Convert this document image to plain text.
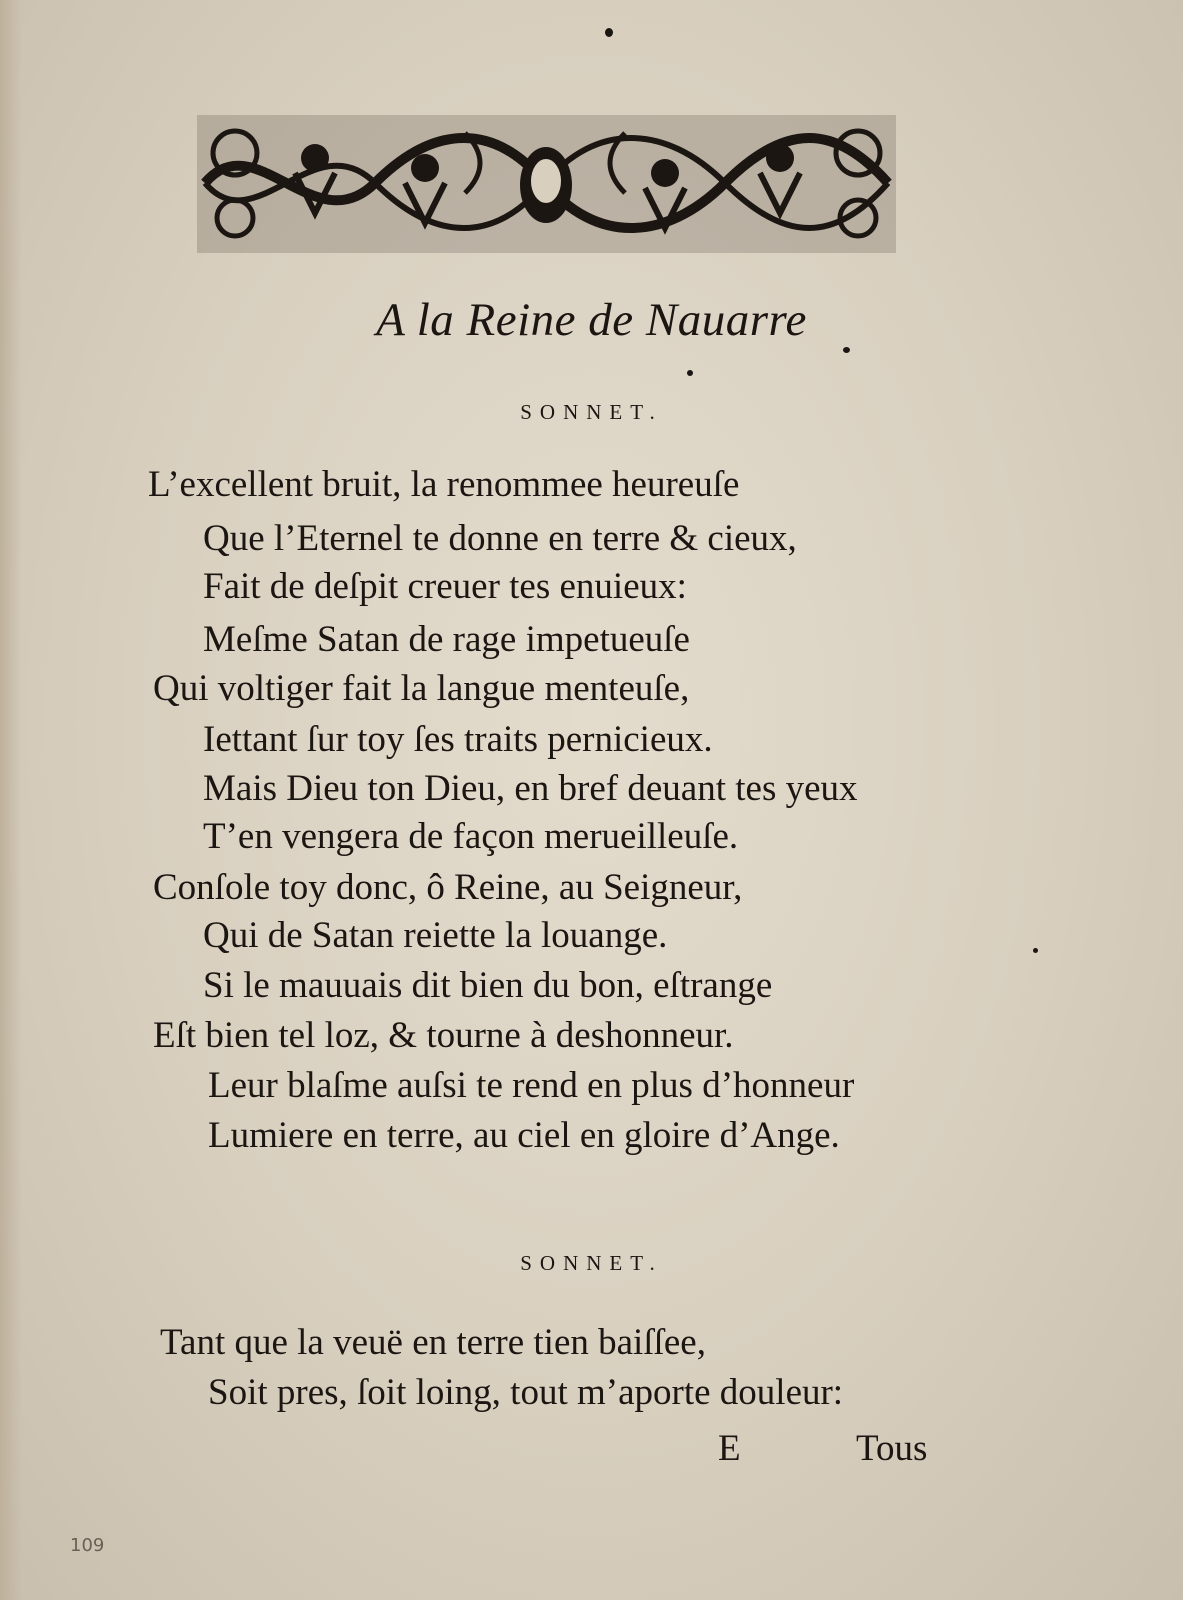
A la Reine de Nauarre
SONNET.
L’excellent bruit, la renommee heureuſe
Que l’Eternel te donne en terre & cieux,
Fait de deſpit creuer tes enuieux:
Meſme Satan de rage impetueuſe
Qui voltiger fait la langue menteuſe,
Iettant ſur toy ſes traits pernicieux.
Mais Dieu ton Dieu, en bref deuant tes yeux
T’en vengera de façon merueilleuſe.
Conſole toy donc, ô Reine, au Seigneur,
Qui de Satan reiette la louange.
Si le mauuais dit bien du bon, eſtrange
Eſt bien tel loz, & tourne à deshonneur.
Leur blaſme auſsi te rend en plus d’honneur
Lumiere en terre, au ciel en gloire d’Ange.
SONNET.
Tant que la veuë en terre tien baiſſee,
Soit pres, ſoit loing, tout m’aporte douleur:
E	Tous
109
